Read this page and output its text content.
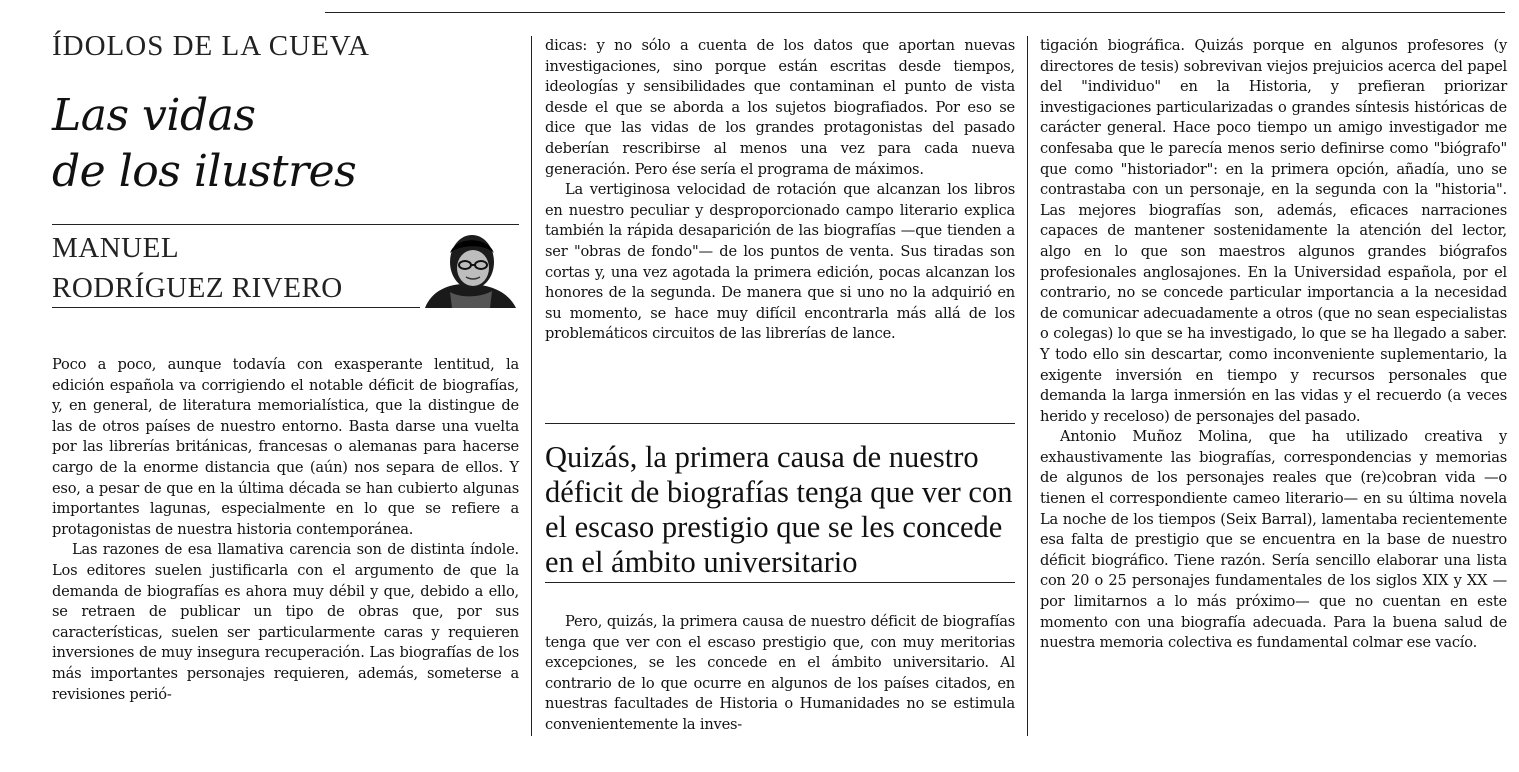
ÍDOLOS DE LA CUEVA
Las vidas
de los ilustres
MANUEL
RODRÍGUEZ RIVERO

Poco a poco, aunque todavía con exasperante lentitud, la edición española va corrigiendo el notable déficit de biografías, y, en general, de literatura memorialística, que la distingue de las de otros países de nuestro entorno. Basta darse una vuelta por las librerías británicas, francesas o alemanas para hacerse cargo de la enorme distancia que (aún) nos separa de ellos. Y eso, a pesar de que en la última década se han cubierto algunas importantes lagunas, especialmente en lo que se refiere a protagonistas de nuestra historia contemporánea.

Las razones de esa llamativa carencia son de distinta índole. Los editores suelen justificarla con el argumento de que la demanda de biografías es ahora muy débil y que, debido a ello, se retraen de publicar un tipo de obras que, por sus características, suelen ser particularmente caras y requieren inversiones de muy insegura recuperación. Las biografías de los más importantes personajes requieren, además, someterse a revisiones perió-

dicas: y no sólo a cuenta de los datos que aportan nuevas investigaciones, sino porque están escritas desde tiempos, ideologías y sensibilidades que contaminan el punto de vista desde el que se aborda a los sujetos biografiados. Por eso se dice que las vidas de los grandes protagonistas del pasado deberían rescribirse al menos una vez para cada nueva generación. Pero ése sería el programa de máximos.

La vertiginosa velocidad de rotación que alcanzan los libros en nuestro peculiar y desproporcionado campo literario explica también la rápida desaparición de las biografías —que tienden a ser "obras de fondo"— de los puntos de venta. Sus tiradas son cortas y, una vez agotada la primera edición, pocas alcanzan los honores de la segunda. De manera que si uno no la adquirió en su momento, se hace muy difícil encontrarla más allá de los problemáticos circuitos de las librerías de lance.

Quizás, la primera causa de nuestro déficit de biografías tenga que ver con el escaso prestigio que se les concede en el ámbito universitario

Pero, quizás, la primera causa de nuestro déficit de biografías tenga que ver con el escaso prestigio que, con muy meritorias excepciones, se les concede en el ámbito universitario. Al contrario de lo que ocurre en algunos de los países citados, en nuestras facultades de Historia o Humanidades no se estimula convenientemente la inves-

tigación biográfica. Quizás porque en algunos profesores (y directores de tesis) sobrevivan viejos prejuicios acerca del papel del "individuo" en la Historia, y prefieran priorizar investigaciones particularizadas o grandes síntesis históricas de carácter general. Hace poco tiempo un amigo investigador me confesaba que le parecía menos serio definirse como "biógrafo" que como "historiador": en la primera opción, añadía, uno se contrastaba con un personaje, en la segunda con la "historia". Las mejores biografías son, además, eficaces narraciones capaces de mantener sostenidamente la atención del lector, algo en lo que son maestros algunos grandes biógrafos profesionales anglosajones. En la Universidad española, por el contrario, no se concede particular importancia a la necesidad de comunicar adecuadamente a otros (que no sean especialistas o colegas) lo que se ha investigado, lo que se ha llegado a saber. Y todo ello sin descartar, como inconveniente suplementario, la exigente inversión en tiempo y recursos personales que demanda la larga inmersión en las vidas y el recuerdo (a veces herido y receloso) de personajes del pasado.

Antonio Muñoz Molina, que ha utilizado creativa y exhaustivamente las biografías, correspondencias y memorias de algunos de los personajes reales que (re)cobran vida —o tienen el correspondiente cameo literario— en su última novela La noche de los tiempos (Seix Barral), lamentaba recientemente esa falta de prestigio que se encuentra en la base de nuestro déficit biográfico. Tiene razón. Sería sencillo elaborar una lista con 20 o 25 personajes fundamentales de los siglos XIX y XX —por limitarnos a lo más próximo— que no cuentan en este momento con una biografía adecuada. Para la buena salud de nuestra memoria colectiva es fundamental colmar ese vacío.
